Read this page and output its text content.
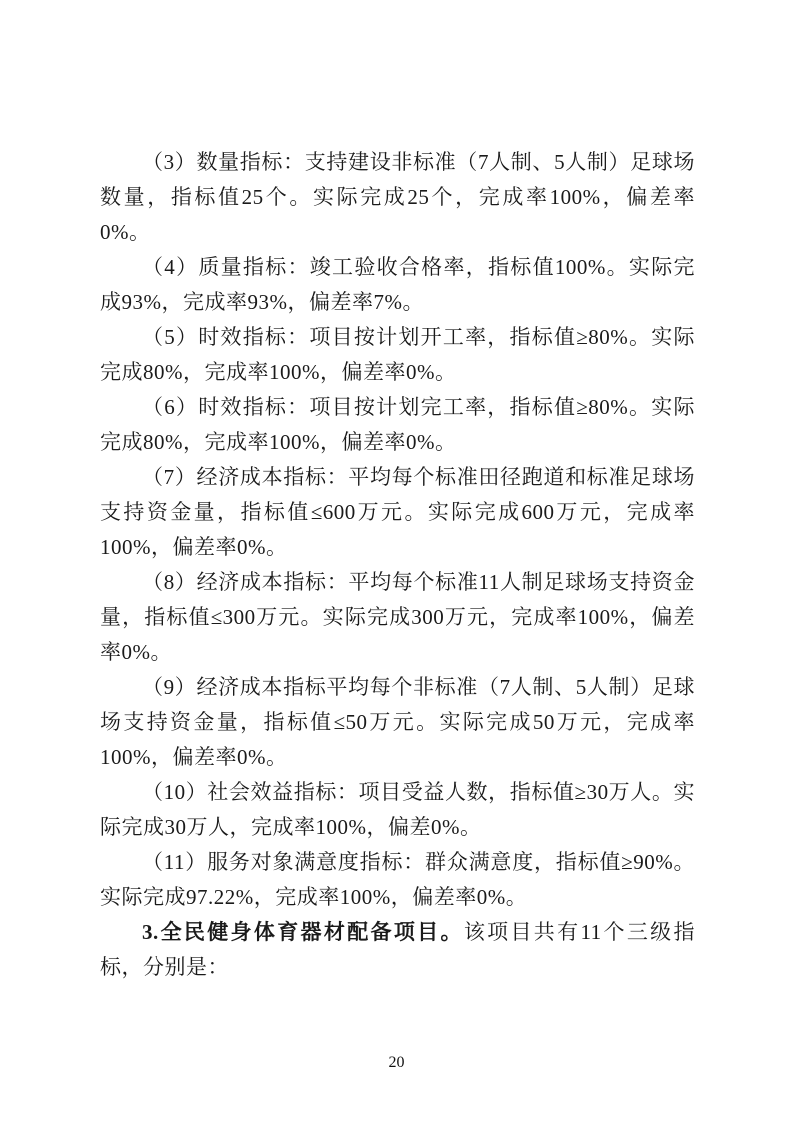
（3）数量指标：支持建设非标准（7人制、5人制）足球场数量，指标值25个。实际完成25个，完成率100%，偏差率0%。

（4）质量指标：竣工验收合格率，指标值100%。实际完成93%，完成率93%，偏差率7%。

（5）时效指标：项目按计划开工率，指标值≥80%。实际完成80%，完成率100%，偏差率0%。

（6）时效指标：项目按计划完工率，指标值≥80%。实际完成80%，完成率100%，偏差率0%。

（7）经济成本指标：平均每个标准田径跑道和标准足球场支持资金量，指标值≤600万元。实际完成600万元，完成率100%，偏差率0%。

（8）经济成本指标：平均每个标准11人制足球场支持资金量，指标值≤300万元。实际完成300万元，完成率100%，偏差率0%。

（9）经济成本指标平均每个非标准（7人制、5人制）足球场支持资金量，指标值≤50万元。实际完成50万元，完成率100%，偏差率0%。

（10）社会效益指标：项目受益人数，指标值≥30万人。实际完成30万人，完成率100%，偏差0%。

（11）服务对象满意度指标：群众满意度，指标值≥90%。实际完成97.22%，完成率100%，偏差率0%。

3.全民健身体育器材配备项目。该项目共有11个三级指标，分别是：

20
